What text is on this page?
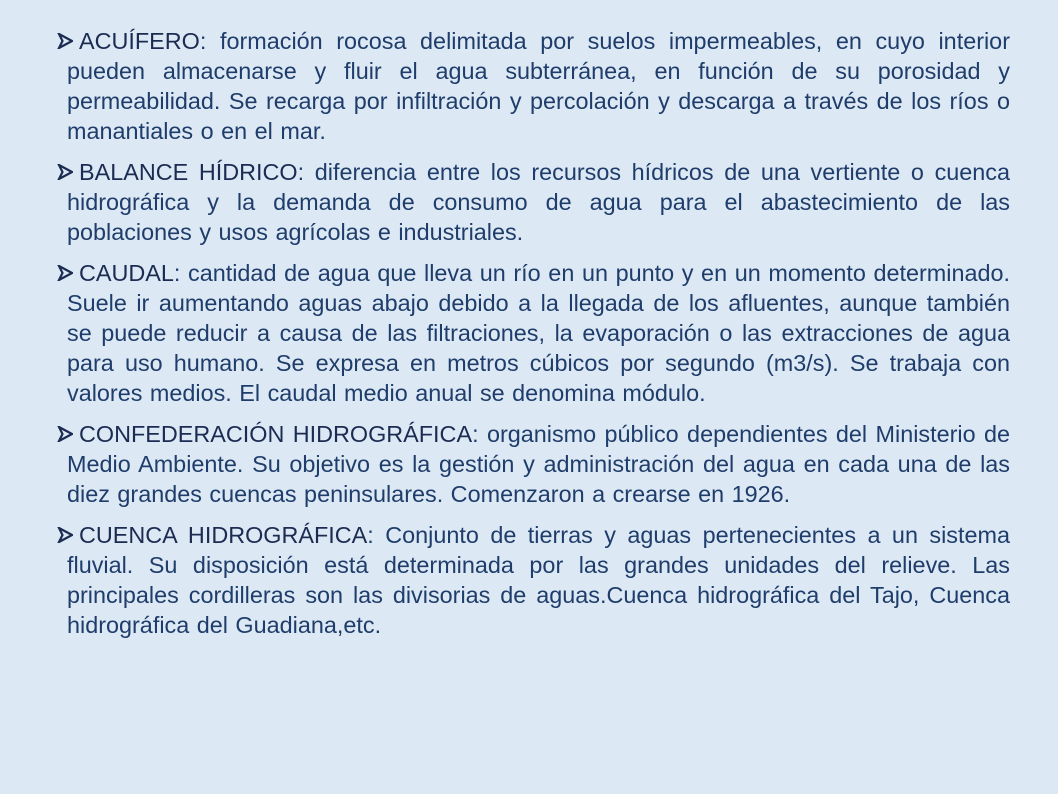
ACUÍFERO: formación rocosa delimitada por suelos impermeables, en cuyo interior pueden almacenarse y fluir el agua subterránea, en función de su porosidad y permeabilidad. Se recarga por infiltración y percolación y descarga a través de los ríos o manantiales o en el mar.
BALANCE HÍDRICO: diferencia entre los recursos hídricos de una vertiente o cuenca hidrográfica y la demanda de consumo de agua para el abastecimiento de las poblaciones y usos agrícolas e industriales.
CAUDAL: cantidad de agua que lleva un río en un punto y en un momento determinado. Suele ir aumentando aguas abajo debido a la llegada de los afluentes, aunque también se puede reducir a causa de las filtraciones, la evaporación o las extracciones de agua para uso humano. Se expresa en metros cúbicos por segundo (m3/s). Se trabaja con valores medios. El caudal medio anual se denomina módulo.
CONFEDERACIÓN HIDROGRÁFICA: organismo público dependientes del Ministerio de Medio Ambiente. Su objetivo es la gestión y administración del agua en cada una de las diez grandes cuencas peninsulares. Comenzaron a crearse en 1926.
CUENCA HIDROGRÁFICA: Conjunto de tierras y aguas pertenecientes a un sistema fluvial. Su disposición está determinada por las grandes unidades del relieve. Las principales cordilleras son las divisorias de aguas.Cuenca hidrográfica del Tajo, Cuenca hidrográfica del Guadiana,etc.
